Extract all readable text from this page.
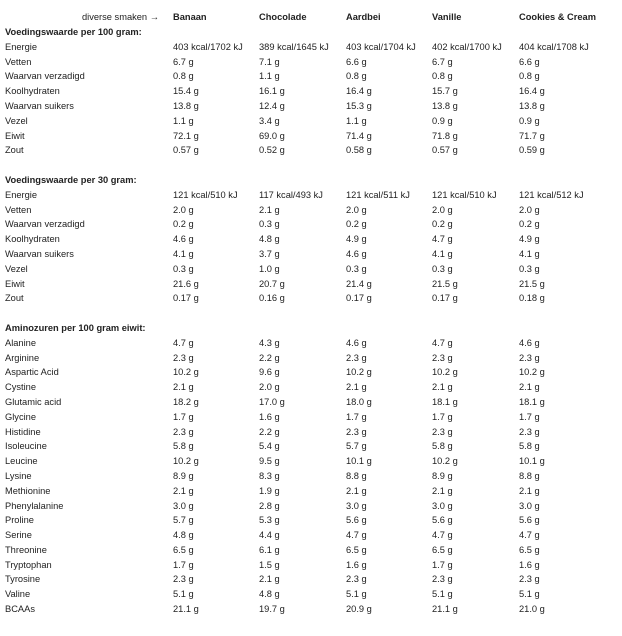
diverse smaken →	Banaan	Chocolade	Aardbei	Vanille	Cookies & Cream
Voedingswaarde per 100 gram:					
Energie	403 kcal/1702 kJ	389 kcal/1645 kJ	403 kcal/1704 kJ	402 kcal/1700 kJ	404 kcal/1708 kJ
Vetten	6.7 g	7.1 g	6.6 g	6.7 g	6.6 g
Waarvan verzadigd	0.8 g	1.1 g	0.8 g	0.8 g	0.8 g
Koolhydraten	15.4 g	16.1 g	16.4 g	15.7 g	16.4 g
Waarvan suikers	13.8 g	12.4 g	15.3 g	13.8 g	13.8 g
Vezel	1.1 g	3.4 g	1.1 g	0.9 g	0.9 g
Eiwit	72.1 g	69.0 g	71.4 g	71.8 g	71.7 g
Zout	0.57 g	0.52 g	0.58 g	0.57 g	0.59 g

Voedingswaarde per 30 gram:					
Energie	121 kcal/510 kJ	117 kcal/493 kJ	121 kcal/511 kJ	121 kcal/510 kJ	121 kcal/512 kJ
Vetten	2.0 g	2.1 g	2.0 g	2.0 g	2.0 g
Waarvan verzadigd	0.2 g	0.3 g	0.2 g	0.2 g	0.2 g
Koolhydraten	4.6 g	4.8 g	4.9 g	4.7 g	4.9 g
Waarvan suikers	4.1 g	3.7 g	4.6 g	4.1 g	4.1 g
Vezel	0.3 g	1.0 g	0.3 g	0.3 g	0.3 g
Eiwit	21.6 g	20.7 g	21.4 g	21.5 g	21.5 g
Zout	0.17 g	0.16 g	0.17 g	0.17 g	0.18 g

Aminozuren per 100 gram eiwit:					
Alanine	4.7 g	4.3 g	4.6 g	4.7 g	4.6 g
Arginine	2.3 g	2.2 g	2.3 g	2.3 g	2.3 g
Aspartic Acid	10.2 g	9.6 g	10.2 g	10.2 g	10.2 g
Cystine	2.1 g	2.0 g	2.1 g	2.1 g	2.1 g
Glutamic acid	18.2 g	17.0 g	18.0 g	18.1 g	18.1 g
Glycine	1.7 g	1.6 g	1.7 g	1.7 g	1.7 g
Histidine	2.3 g	2.2 g	2.3 g	2.3 g	2.3 g
Isoleucine	5.8 g	5.4 g	5.7 g	5.8 g	5.8 g
Leucine	10.2 g	9.5 g	10.1 g	10.2 g	10.1 g
Lysine	8.9 g	8.3 g	8.8 g	8.9 g	8.8 g
Methionine	2.1 g	1.9 g	2.1 g	2.1 g	2.1 g
Phenylalanine	3.0 g	2.8 g	3.0 g	3.0 g	3.0 g
Proline	5.7 g	5.3 g	5.6 g	5.6 g	5.6 g
Serine	4.8 g	4.4 g	4.7 g	4.7 g	4.7 g
Threonine	6.5 g	6.1 g	6.5 g	6.5 g	6.5 g
Tryptophan	1.7 g	1.5 g	1.6 g	1.7 g	1.6 g
Tyrosine	2.3 g	2.1 g	2.3 g	2.3 g	2.3 g
Valine	5.1 g	4.8 g	5.1 g	5.1 g	5.1 g
BCAAs	21.1 g	19.7 g	20.9 g	21.1 g	21.0 g
